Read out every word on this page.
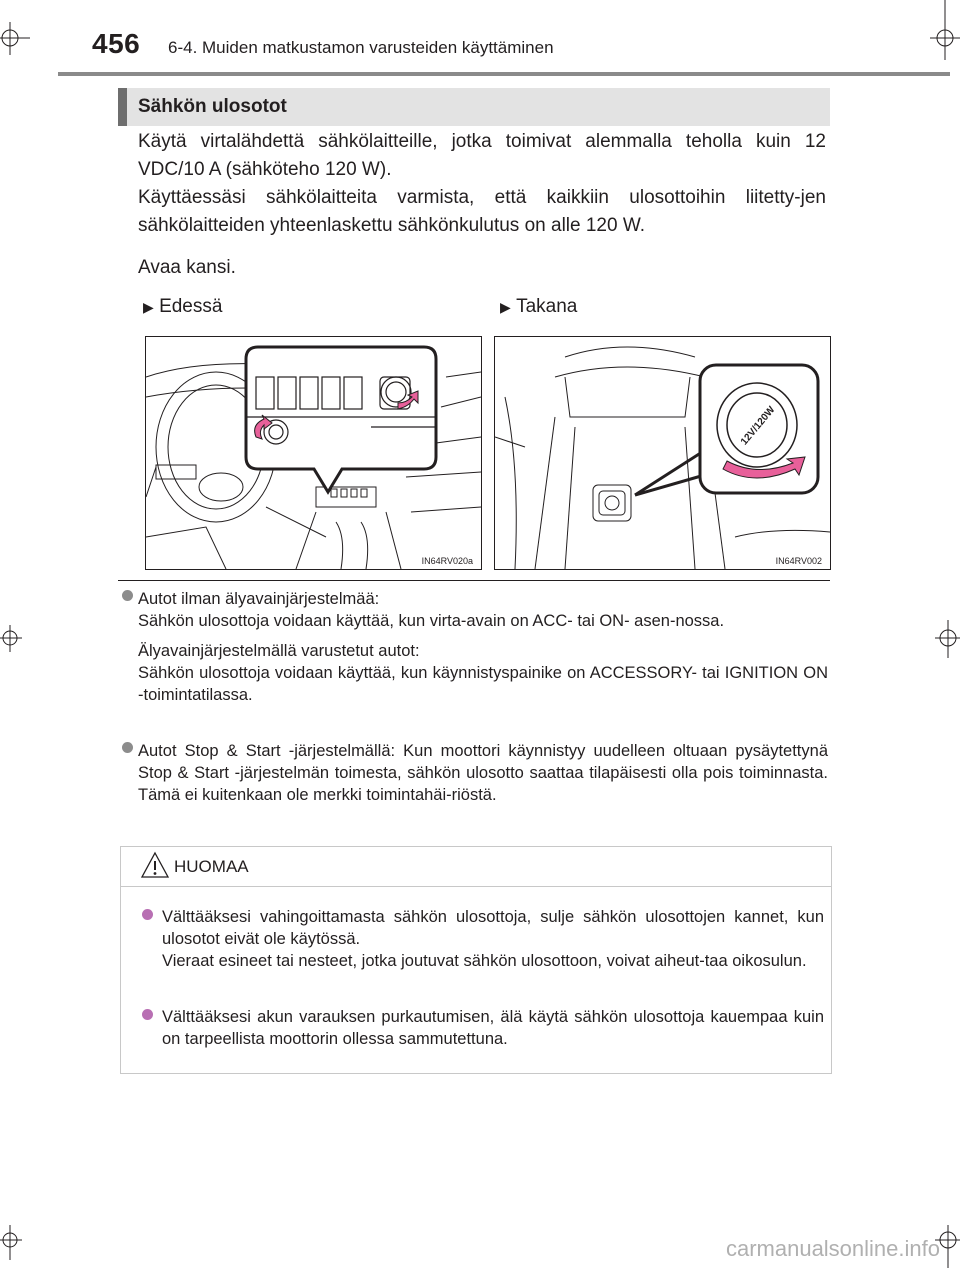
456 6-4. Muiden matkustamon varusteiden käyttäminen
Sähkön ulosotot
Käytä virtalähdettä sähkölaitteille, jotka toimivat alemmalla teholla kuin 12 VDC/10 A (sähköteho 120 W).
Käyttäessäsi sähkölaitteita varmista, että kaikkiin ulosottoihin liitetty-jen sähkölaitteiden yhteenlaskettu sähkönkulutus on alle 120 W.
Avaa kansi.
▶ Edessä	▶ Takana
IN64RV020a
12V/120W
IN64RV002
Autot ilman älyavainjärjestelmää:
Sähkön ulosottoja voidaan käyttää, kun virta-avain on ACC- tai ON- asen-nossa.
Älyavainjärjestelmällä varustetut autot:
Sähkön ulosottoja voidaan käyttää, kun käynnistyspainike on ACCESSORY- tai IGNITION ON -toimintatilassa.
Autot Stop & Start -järjestelmällä: Kun moottori käynnistyy uudelleen oltuaan pysäytettynä Stop & Start -järjestelmän toimesta, sähkön ulosotto saattaa tilapäisesti olla pois toiminnasta. Tämä ei kuitenkaan ole merkki toimintahäi-riöstä.
HUOMAA
Välttääksesi vahingoittamasta sähkön ulosottoja, sulje sähkön ulosottojen kannet, kun ulosotot eivät ole käytössä.
Vieraat esineet tai nesteet, jotka joutuvat sähkön ulosottoon, voivat aiheut-taa oikosulun.
Välttääksesi akun varauksen purkautumisen, älä käytä sähkön ulosottoja kauempaa kuin on tarpeellista moottorin ollessa sammutettuna.
carmanualsonline.info
